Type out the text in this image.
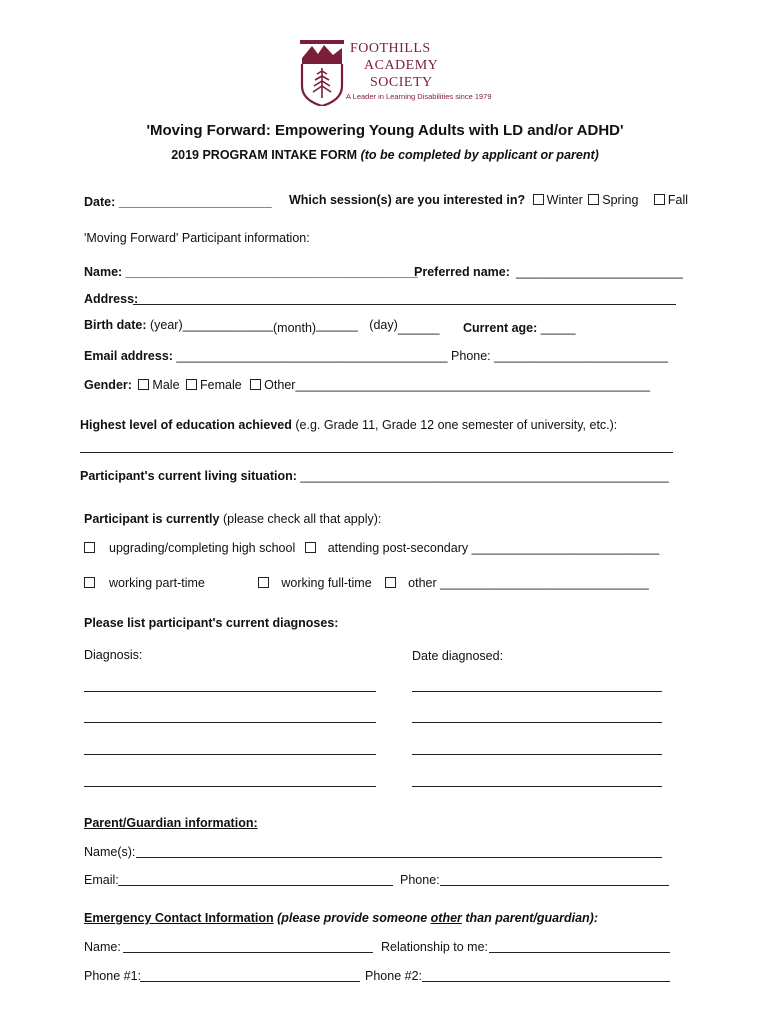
FOOTHILLS
ACADEMY
SOCIETY
A Leader in Learning Disabilities since 1979
'Moving Forward: Empowering Young Adults with LD and/or ADHD'
2019 PROGRAM INTAKE FORM (to be completed by applicant or parent)
Date: ______________________ Which session(s) are you interested in? Winter Spring Fall
'Moving Forward' Participant information:
Name: __________________________________________
Preferred name: ________________________
Address:
Birth date: (year)_____________(month)______ (day)______ Current age: _____
Email address: _______________________________________ Phone: _________________________
Gender: Male Female Other___________________________________________________
Highest level of education achieved (e.g. Grade 11, Grade 12 one semester of university, etc.):
Participant's current living situation: _____________________________________________________
Participant is currently (please check all that apply):
upgrading/completing high school	attending post-secondary ___________________________
working part-time	working full-time	other ______________________________
Please list participant's current diagnoses:
Diagnosis:	Date diagnosed:
Parent/Guardian information:
Name(s):
Email:	Phone:
Emergency Contact Information (please provide someone other than parent/guardian):
Name:	Relationship to me:
Phone #1:	Phone #2:
